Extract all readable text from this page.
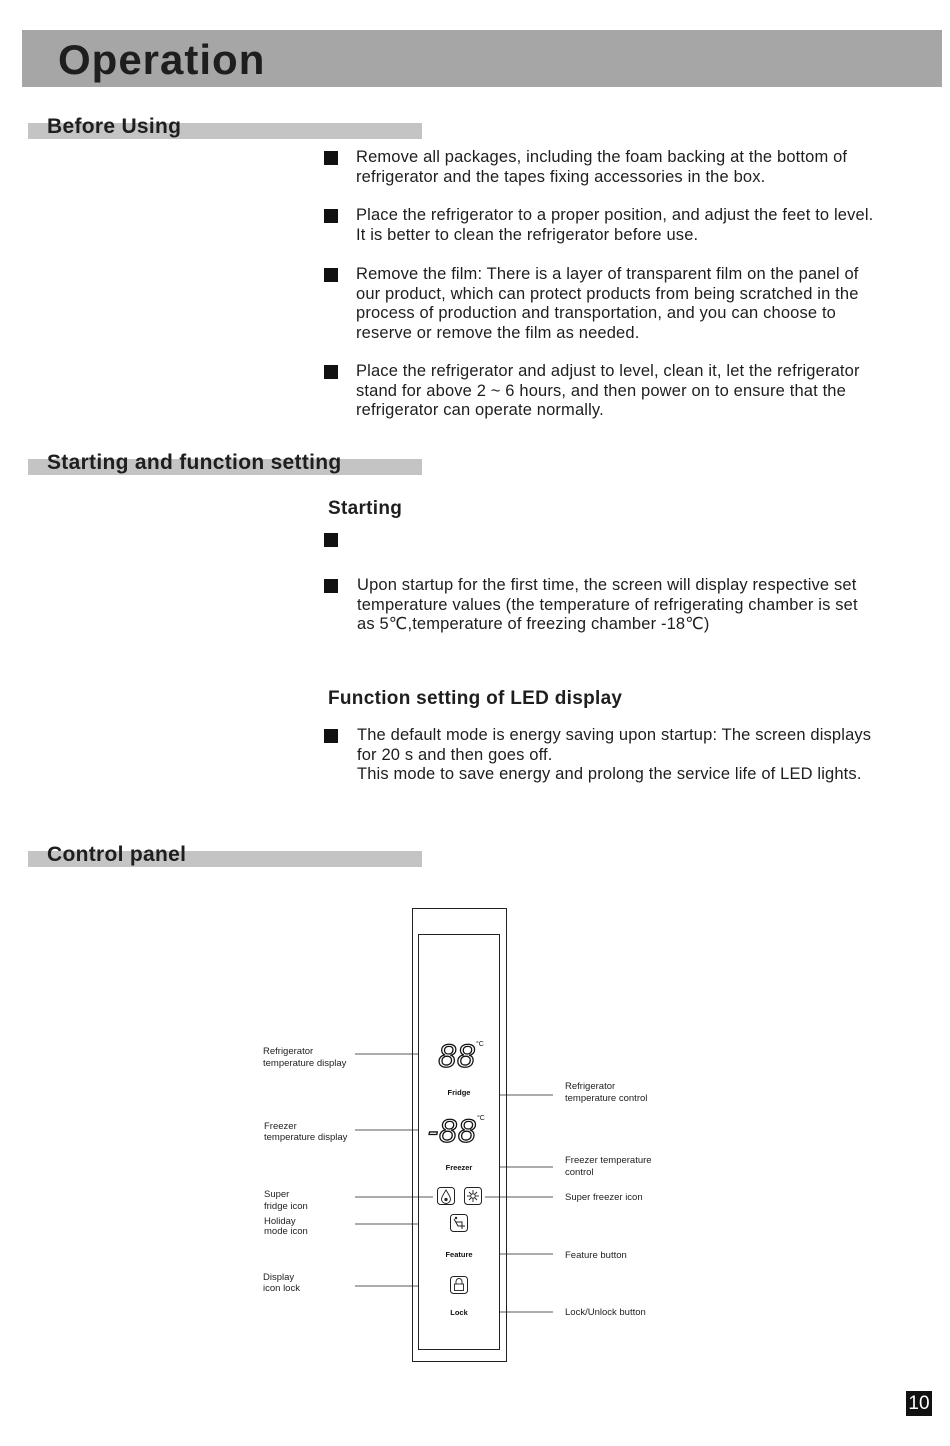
Operation
Before Using
Remove all packages, including the foam backing at the bottom of
refrigerator and the tapes fixing accessories in the box.
Place the refrigerator to a proper position, and adjust the feet to level.
It is better to clean the refrigerator before use.
Remove the film: There is a layer of transparent film on the panel of
our product, which can protect products from being scratched in the
process of production and transportation, and you can choose to
reserve or remove the film as needed.
Place the refrigerator and adjust to level, clean it, let the refrigerator
stand for above 2 ~ 6 hours, and then power on to ensure that the
refrigerator can operate normally.
Starting and function setting
Starting
Upon startup for the first time, the screen will display respective set
temperature values (the temperature of refrigerating chamber is set
as 5℃,temperature of freezing chamber -18℃)
Function setting of LED display
The default mode is energy saving upon startup: The screen displays
for 20 s and then goes off.
This mode to save energy and prolong the service life of LED lights.
Control panel
88 °C
Fridge
-88 °C
Freezer
Feature
Lock
Refrigerator
temperature display
Freezer
temperature display
Super
fridge icon
Holiday
mode icon
Display
icon lock
Refrigerator
temperature control
Freezer temperature
control
Super freezer icon
Feature button
Lock/Unlock button
10
